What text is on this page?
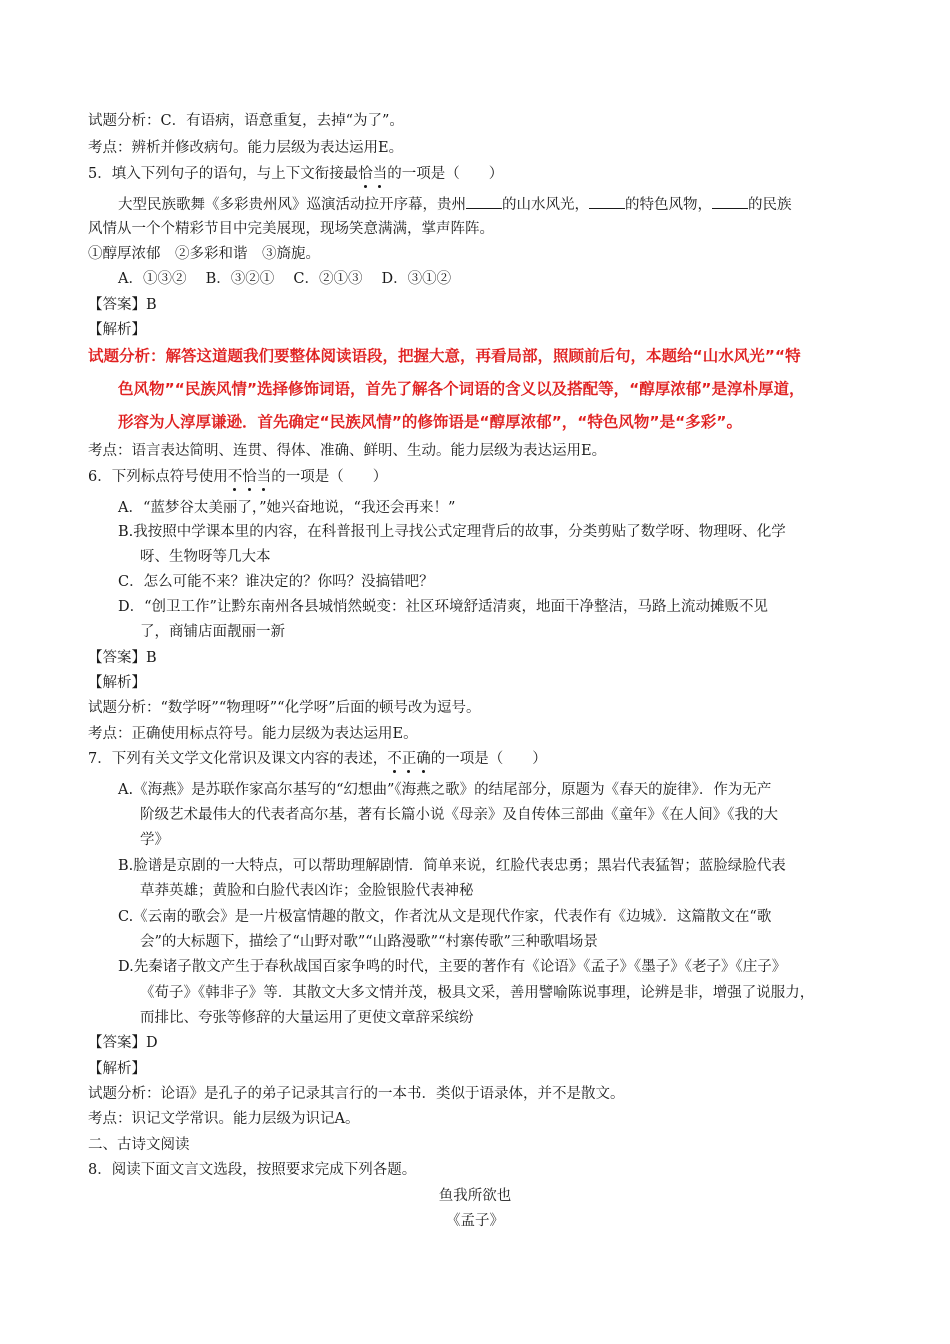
试题分析：C．有语病，语意重复，去掉“为了”。
考点：辨析并修改病句。能力层级为表达运用E。
5．填入下列句子的语句，与上下文衔接最恰当的一项是（　　）
大型民族歌舞《多彩贵州风》巡演活动拉开序幕，贵州 的山水风光， 的特色风物， 的民族
风情从一个个精彩节目中完美展现，现场笑意满满，掌声阵阵。
①醇厚浓郁　②多彩和谐　③旖旎。
A．①③②　 B．③②①　 C．②①③　 D．③①②
【答案】B
【解析】
试题分析：解答这道题我们要整体阅读语段，把握大意，再看局部，照顾前后句，本题给“山水风光”“特
色风物”“民族风情”选择修饰词语，首先了解各个词语的含义以及搭配等，“醇厚浓郁”是淳朴厚道，
形容为人淳厚谦逊．首先确定“民族风情”的修饰语是“醇厚浓郁”，“特色风物”是“多彩”。
考点：语言表达简明、连贯、得体、准确、鲜明、生动。能力层级为表达运用E。
6．下列标点符号使用不恰当的一项是（　　）
A．“蓝梦谷太美丽了，”她兴奋地说，“我还会再来！”
B.我按照中学课本里的内容，在科普报刊上寻找公式定理背后的故事，分类剪贴了数学呀、物理呀、化学
呀、生物呀等几大本
C．怎么可能不来？谁决定的？你吗？没搞错吧？
D．“创卫工作”让黔东南州各县城悄然蜕变：社区环境舒适清爽，地面干净整洁，马路上流动摊贩不见
了，商铺店面靓丽一新
【答案】B
【解析】
试题分析：“数学呀”“物理呀”“化学呀”后面的顿号改为逗号。
考点：正确使用标点符号。能力层级为表达运用E。
7．下列有关文学文化常识及课文内容的表述，不正确的一项是（　　）
A.《海燕》是苏联作家高尔基写的“幻想曲”《海燕之歌》的结尾部分，原题为《春天的旋律》．作为无产
阶级艺术最伟大的代表者高尔基，著有长篇小说《母亲》及自传体三部曲《童年》《在人间》《我的大
学》
B.脸谱是京剧的一大特点，可以帮助理解剧情．简单来说，红脸代表忠勇；黑岩代表猛智；蓝脸绿脸代表
草莽英雄；黄脸和白脸代表凶诈；金脸银脸代表神秘
C.《云南的歌会》是一片极富情趣的散文，作者沈从文是现代作家，代表作有《边城》．这篇散文在“歌
会”的大标题下，描绘了“山野对歌”“山路漫歌”“村寨传歌”三种歌唱场景
D.先秦诸子散文产生于春秋战国百家争鸣的时代，主要的著作有《论语》《孟子》《墨子》《老子》《庄子》
《荀子》《韩非子》等．其散文大多文情并茂，极具文采，善用譬喻陈说事理，论辨是非，增强了说服力，
而排比、夸张等修辞的大量运用了更使文章辞采缤纷
【答案】D
【解析】
试题分析：论语》是孔子的弟子记录其言行的一本书．类似于语录体，并不是散文。
考点：识记文学常识。能力层级为识记A。
二、古诗文阅读
8．阅读下面文言文选段，按照要求完成下列各题。
鱼我所欲也
《孟子》
